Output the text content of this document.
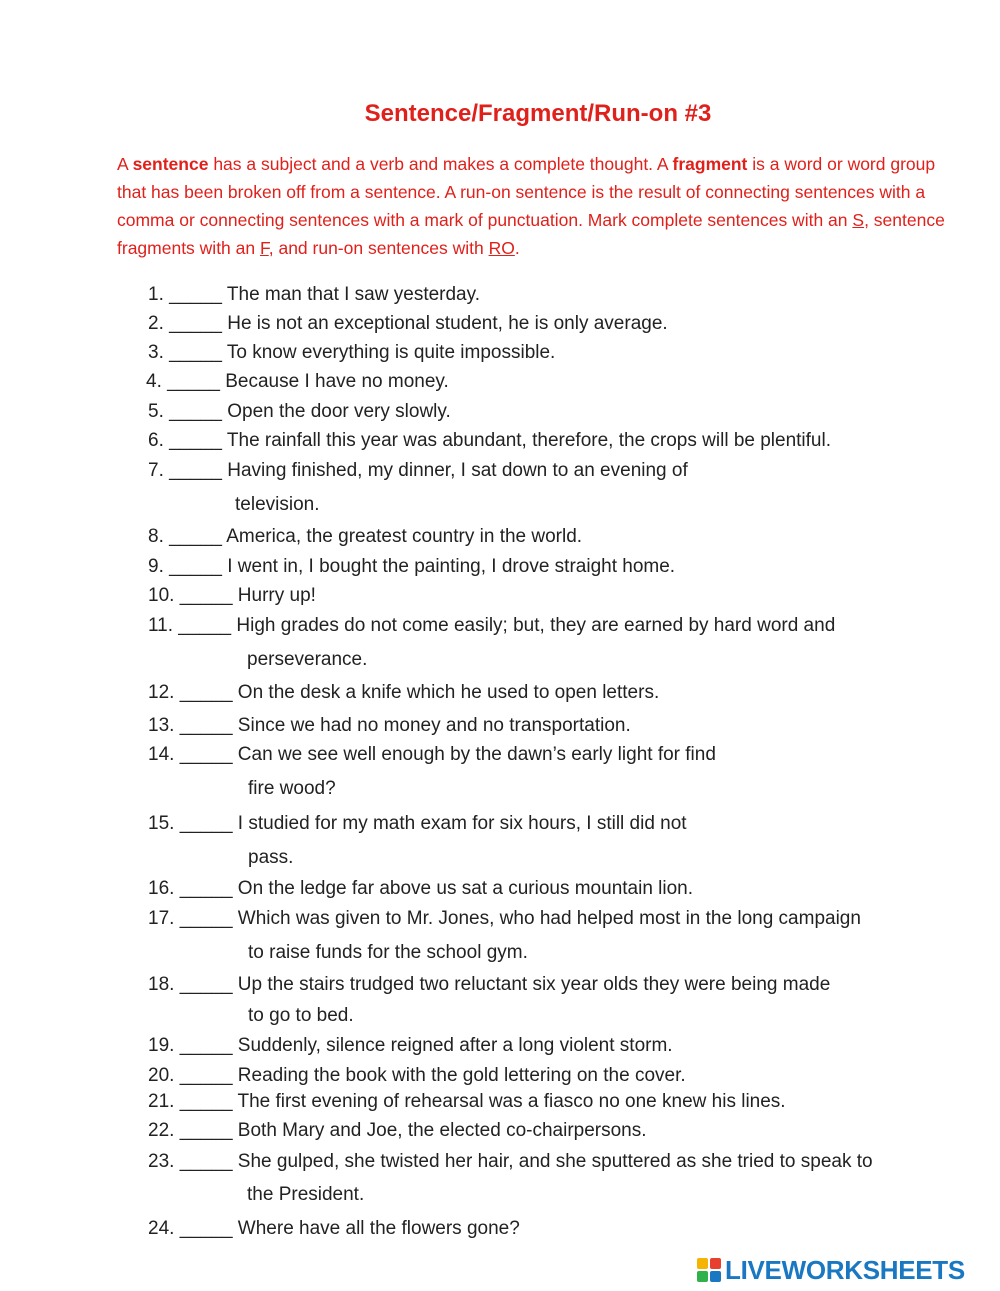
Sentence/Fragment/Run-on #3

A sentence has a subject and a verb and makes a complete thought. A fragment is a word or word group that has been broken off from a sentence. A run-on sentence is the result of connecting sentences with a comma or connecting sentences with a mark of punctuation. Mark complete sentences with an S, sentence fragments with an F, and run-on sentences with RO.

1. _____ The man that I saw yesterday.

2. _____ He is not an exceptional student, he is only average.

3. _____ To know everything is quite impossible.

4. _____ Because I have no money.

5. _____ Open the door very slowly.

6. _____ The rainfall this year was abundant, therefore, the crops will be plentiful.

7. _____ Having finished, my dinner, I sat down to an evening of

television.

8. _____ America, the greatest country in the world.

9. _____ I went in, I bought the painting, I drove straight home.

10. _____ Hurry up!

11. _____ High grades do not come easily; but, they are earned by hard word and

perseverance.

12. _____ On the desk a knife which he used to open letters.

13. _____ Since we had no money and no transportation.

14. _____ Can we see well enough by the dawn’s early light for find

fire wood?

15. _____ I studied for my math exam for six hours, I still did not

pass.

16. _____ On the ledge far above us sat a curious mountain lion.

17. _____ Which was given to Mr. Jones, who had helped most in the long campaign

to raise funds for the school gym.

18. _____ Up the stairs trudged two reluctant six year olds they were being made

to go to bed.

19. _____ Suddenly, silence reigned after a long violent storm.

20. _____ Reading the book with the gold lettering on the cover.

21. _____ The first evening of rehearsal was a fiasco no one knew his lines.

22. _____ Both Mary and Joe, the elected co-chairpersons.

23. _____ She gulped, she twisted her hair, and she sputtered as she tried to speak to

the President.

24. _____ Where have all the flowers gone?

LIVEWORKSHEETS
